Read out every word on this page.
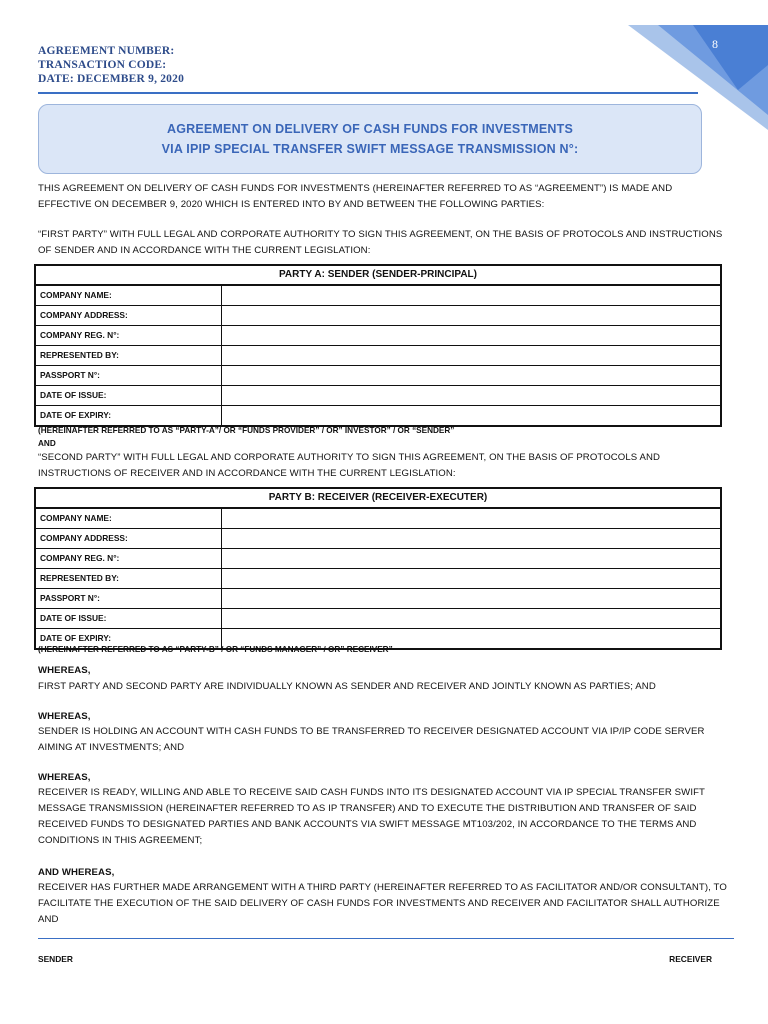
8
AGREEMENT NUMBER:
TRANSACTION CODE:
DATE: DECEMBER 9, 2020
AGREEMENT ON DELIVERY OF CASH FUNDS FOR INVESTMENTS
VIA IPIP SPECIAL TRANSFER SWIFT MESSAGE TRANSMISSION N°:
THIS AGREEMENT ON DELIVERY OF CASH FUNDS FOR INVESTMENTS (HEREINAFTER REFERRED TO AS “AGREEMENT”) IS MADE AND EFFECTIVE ON DECEMBER 9, 2020 WHICH IS ENTERED INTO BY AND BETWEEN THE FOLLOWING PARTIES:
“FIRST PARTY” WITH FULL LEGAL AND CORPORATE AUTHORITY TO SIGN THIS AGREEMENT, ON THE BASIS OF PROTOCOLS AND INSTRUCTIONS OF SENDER AND IN ACCORDANCE WITH THE CURRENT LEGISLATION:
PARTY A: SENDER (SENDER-PRINCIPAL)
COMPANY NAME:
COMPANY ADDRESS:
COMPANY REG. N°:
REPRESENTED BY:
PASSPORT N°:
DATE OF ISSUE:
DATE OF EXPIRY:
(HEREINAFTER REFERRED TO AS “PARTY-A”/ OR “FUNDS PROVIDER” / OR” INVESTOR” / OR “SENDER”
AND
“SECOND PARTY” WITH FULL LEGAL AND CORPORATE AUTHORITY TO SIGN THIS AGREEMENT, ON THE BASIS OF PROTOCOLS AND INSTRUCTIONS OF RECEIVER AND IN ACCORDANCE WITH THE CURRENT LEGISLATION:
PARTY B: RECEIVER (RECEIVER-EXECUTER)
COMPANY NAME:
COMPANY ADDRESS:
COMPANY REG. N°:
REPRESENTED BY:
PASSPORT N°:
DATE OF ISSUE:
DATE OF EXPIRY:
(HEREINAFTER REFERRED TO AS “PARTY-B” / OR “FUNDS MANAGER” / OR” RECEIVER”
WHEREAS,
FIRST PARTY AND SECOND PARTY ARE INDIVIDUALLY KNOWN AS SENDER AND RECEIVER AND JOINTLY KNOWN AS PARTIES; AND
WHEREAS,
SENDER IS HOLDING AN ACCOUNT WITH CASH FUNDS TO BE TRANSFERRED TO RECEIVER DESIGNATED ACCOUNT VIA IP/IP CODE SERVER AIMING AT INVESTMENTS; AND
WHEREAS,
RECEIVER IS READY, WILLING AND ABLE TO RECEIVE SAID CASH FUNDS INTO ITS DESIGNATED ACCOUNT VIA IP SPECIAL TRANSFER SWIFT MESSAGE TRANSMISSION (HEREINAFTER REFERRED TO AS IP TRANSFER) AND TO EXECUTE THE DISTRIBUTION AND TRANSFER OF SAID RECEIVED FUNDS TO DESIGNATED PARTIES AND BANK ACCOUNTS VIA SWIFT MESSAGE MT103/202, IN ACCORDANCE TO THE TERMS AND CONDITIONS IN THIS AGREEMENT;
AND WHEREAS,
RECEIVER HAS FURTHER MADE ARRANGEMENT WITH A THIRD PARTY (HEREINAFTER REFERRED TO AS FACILITATOR AND/OR CONSULTANT), TO FACILITATE THE EXECUTION OF THE SAID DELIVERY OF CASH FUNDS FOR INVESTMENTS AND RECEIVER AND FACILITATOR SHALL AUTHORIZE AND
SENDER	RECEIVER
